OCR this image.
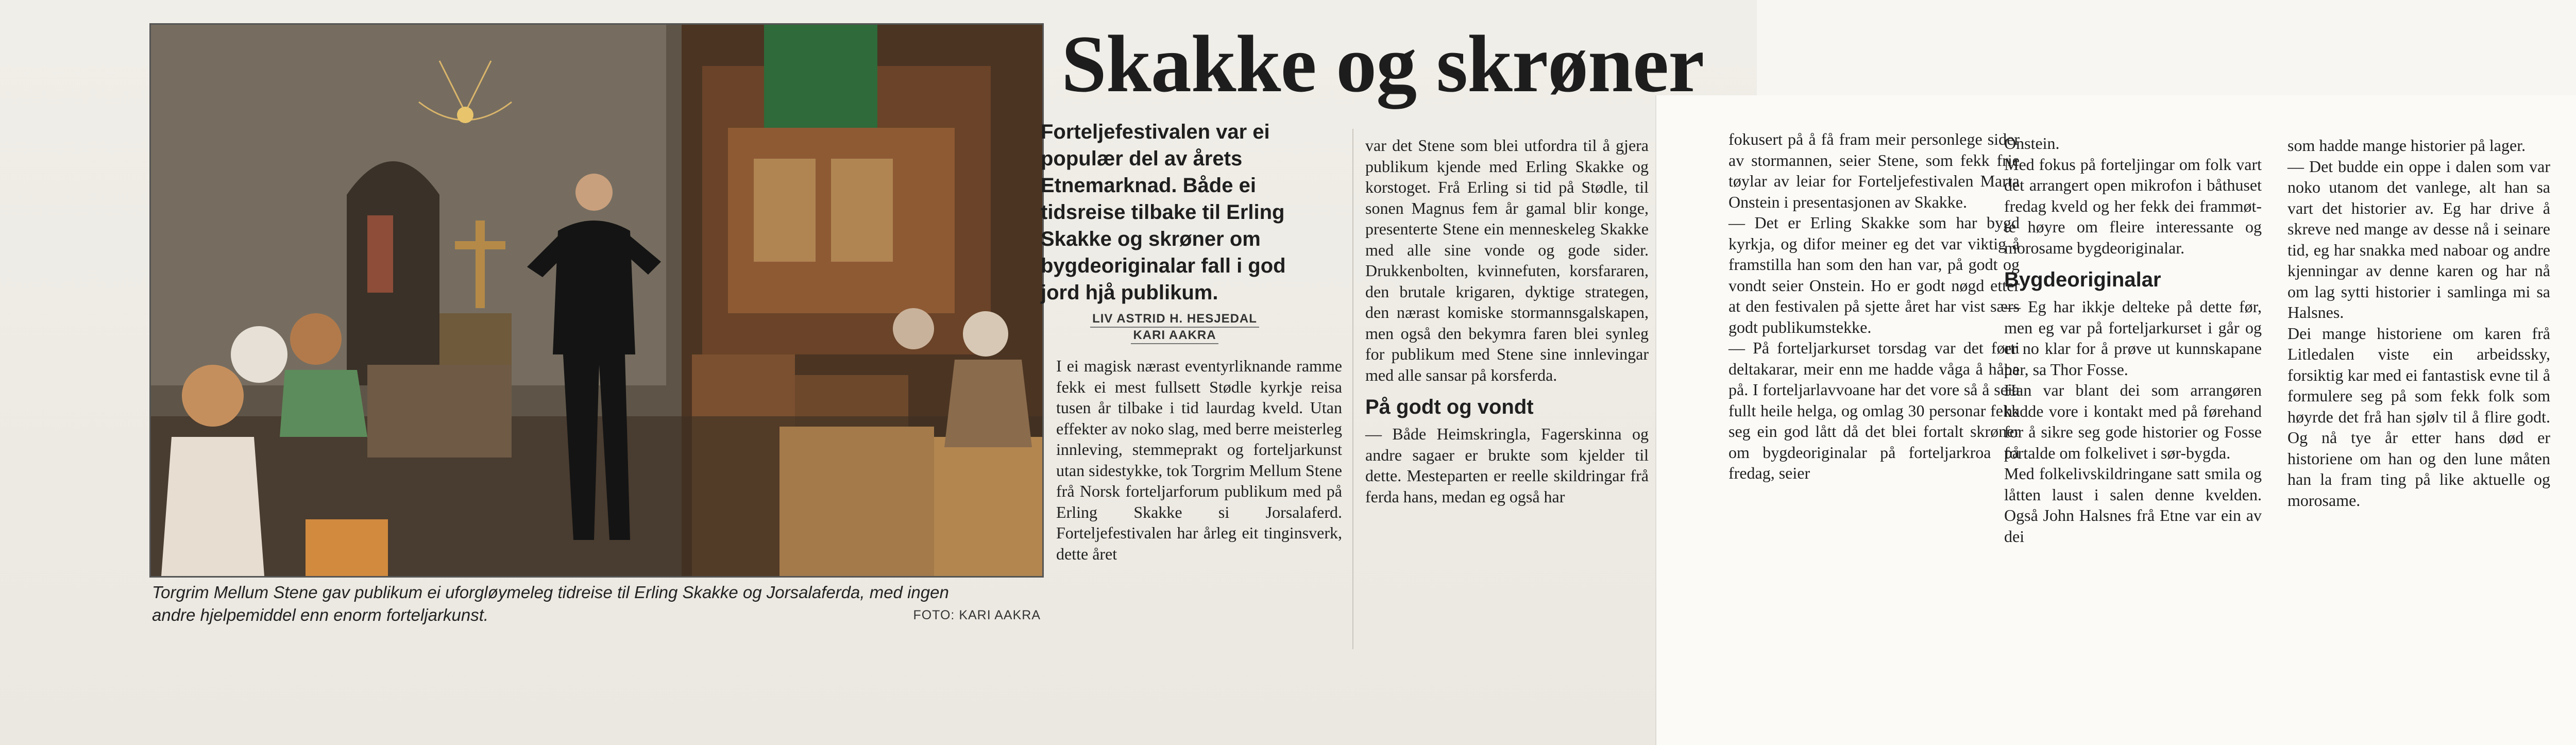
Torgrim Mellum Stene gav publikum ei uforgløymeleg tidreise til Erling Skakke og Jorsalaferda, med ingen andre hjelpemiddel enn enorm forteljarkunst.	FOTO: KARI AAKRA
Skakke og skrøner
Forteljefestivalen var ei populær del av årets Etnemarknad. Både ei tidsreise tilbake til Erling Skakke og skrøner om bygdeoriginalar fall i god jord hjå publikum.
LIV ASTRID H. HESJEDAL
KARI AAKRA

I ei magisk nærast eventyrliknande ramme fekk ei mest fullsett Stødle kyrkje reisa tusen år tilbake i tid laurdag kveld. Utan effekter av noko slag, med berre meisterleg innleving, stemmeprakt og forteljarkunst utan sidestykke, tok Torgrim Mellum Stene frå Norsk forteljarforum publikum med på Erling Skakke si Jorsalaferd. Forteljefestivalen har årleg eit tinginsverk, dette året

var det Stene som blei utfordra til å gjera publikum kjende med Erling Skakke og korstoget. Frå Erling si tid på Stødle, til sonen Magnus fem år gamal blir konge, presenterte Stene ein menneskeleg Skakke med alle sine vonde og gode sider. Drukkenbolten, kvinnefuten, korsfararen, den brutale krigaren, dyktige strategen, den nærast komiske stormannsgalskapen, men også den bekymra faren blei synleg for publikum med Stene sine innlevingar med alle sansar på korsferda.

På godt og vondt

— Både Heimskringla, Fagerskinna og andre sagaer er brukte som kjelder til dette. Mesteparten er reelle skildringar frå ferda hans, medan eg også har

fokusert på å få fram meir personlege sider av stormannen, seier Stene, som fekk frie tøylar av leiar for Forteljefestivalen Marta Onstein i presentasjonen av Skakke.

— Det er Erling Skakke som har bygd kyrkja, og difor meiner eg det var viktig å framstilla han som den han var, på godt og vondt seier Onstein. Ho er godt nøgd etter at den festivalen på sjette året har vist særs godt publikumstekke.

— På forteljarkurset torsdag var det førti deltakarar, meir enn me hadde våga å håpa på. I forteljarlavvoane har det vore så å seia fullt heile helga, og omlag 30 personar fekk seg ein god lått då det blei fortalt skrøner om bygdeoriginalar på forteljarkroa på fredag, seier

Onstein.

Med fokus på forteljingar om folk vart det arrangert open mikrofon i båthuset fredag kveld og her fekk dei frammøtte høyre om fleire interessante og morosame bygdeoriginalar.

Bygdeoriginalar

— Eg har ikkje delteke på dette før, men eg var på forteljarkurset i går og er no klar for å prøve ut kunnskapane her, sa Thor Fosse.

Han var blant dei som arrangøren hadde vore i kontakt med på førehand for å sikre seg gode historier og Fosse fortalde om folkelivet i sør-bygda.

Med folkelivskildringane satt smila og låtten laust i salen denne kvelden. Også John Halsnes frå Etne var ein av dei

som hadde mange historier på lager.

— Det budde ein oppe i dalen som var noko utanom det vanlege, alt han sa vart det historier av. Eg har drive å skreve ned mange av desse nå i seinare tid, eg har snakka med naboar og andre kjenningar av denne karen og har nå om lag sytti historier i samlinga mi sa Halsnes.

Dei mange historiene om karen frå Litledalen viste ein arbeidssky, forsiktig kar med ei fantastisk evne til å formulere seg på som fekk folk som høyrde det frå han sjølv til å flire godt. Og nå tye år etter hans død er historiene om han og den lune måten han la fram ting på like aktuelle og morosame.
